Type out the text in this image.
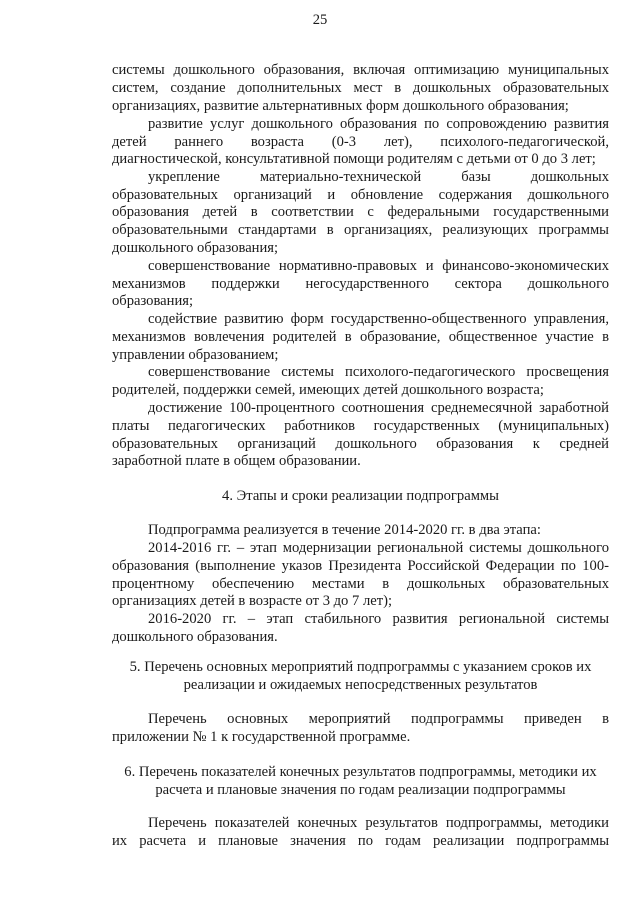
25
системы дошкольного образования, включая оптимизацию муниципальных
систем, создание дополнительных мест в дошкольных образовательных
организациях, развитие альтернативных форм дошкольного образования;
развитие услуг дошкольного образования по сопровождению развития
детей раннего возраста (0-3 лет), психолого-педагогической,
диагностической, консультативной помощи родителям с детьми от 0 до 3 лет;
укрепление материально-технической базы дошкольных
образовательных организаций и обновление содержания дошкольного
образования детей в соответствии с федеральными государственными
образовательными стандартами в организациях, реализующих программы
дошкольного образования;
совершенствование нормативно-правовых и финансово-экономических
механизмов поддержки негосударственного сектора дошкольного
образования;
содействие развитию форм государственно-общественного управления,
механизмов вовлечения родителей в образование, общественное участие в
управлении образованием;
совершенствование системы психолого-педагогического просвещения
родителей, поддержки семей, имеющих детей дошкольного возраста;
достижение 100-процентного соотношения среднемесячной заработной
платы педагогических работников государственных (муниципальных)
образовательных организаций дошкольного образования к средней
заработной плате в общем образовании.
4. Этапы и сроки реализации подпрограммы
Подпрограмма реализуется в течение 2014-2020 гг. в два этапа:
2014-2016 гг. – этап модернизации региональной системы дошкольного
образования (выполнение указов Президента Российской Федерации по 100-
процентному обеспечению местами в дошкольных образовательных
организациях детей в возрасте от 3 до 7 лет);
2016-2020 гг. – этап стабильного развития региональной системы
дошкольного образования.
5. Перечень основных мероприятий подпрограммы с указанием сроков их
реализации и ожидаемых непосредственных результатов
Перечень основных мероприятий подпрограммы приведен в
приложении № 1 к государственной программе.
6. Перечень показателей конечных результатов подпрограммы, методики их
расчета и плановые значения по годам реализации подпрограммы
Перечень показателей конечных результатов подпрограммы, методики
их расчета и плановые значения по годам реализации подпрограммы
